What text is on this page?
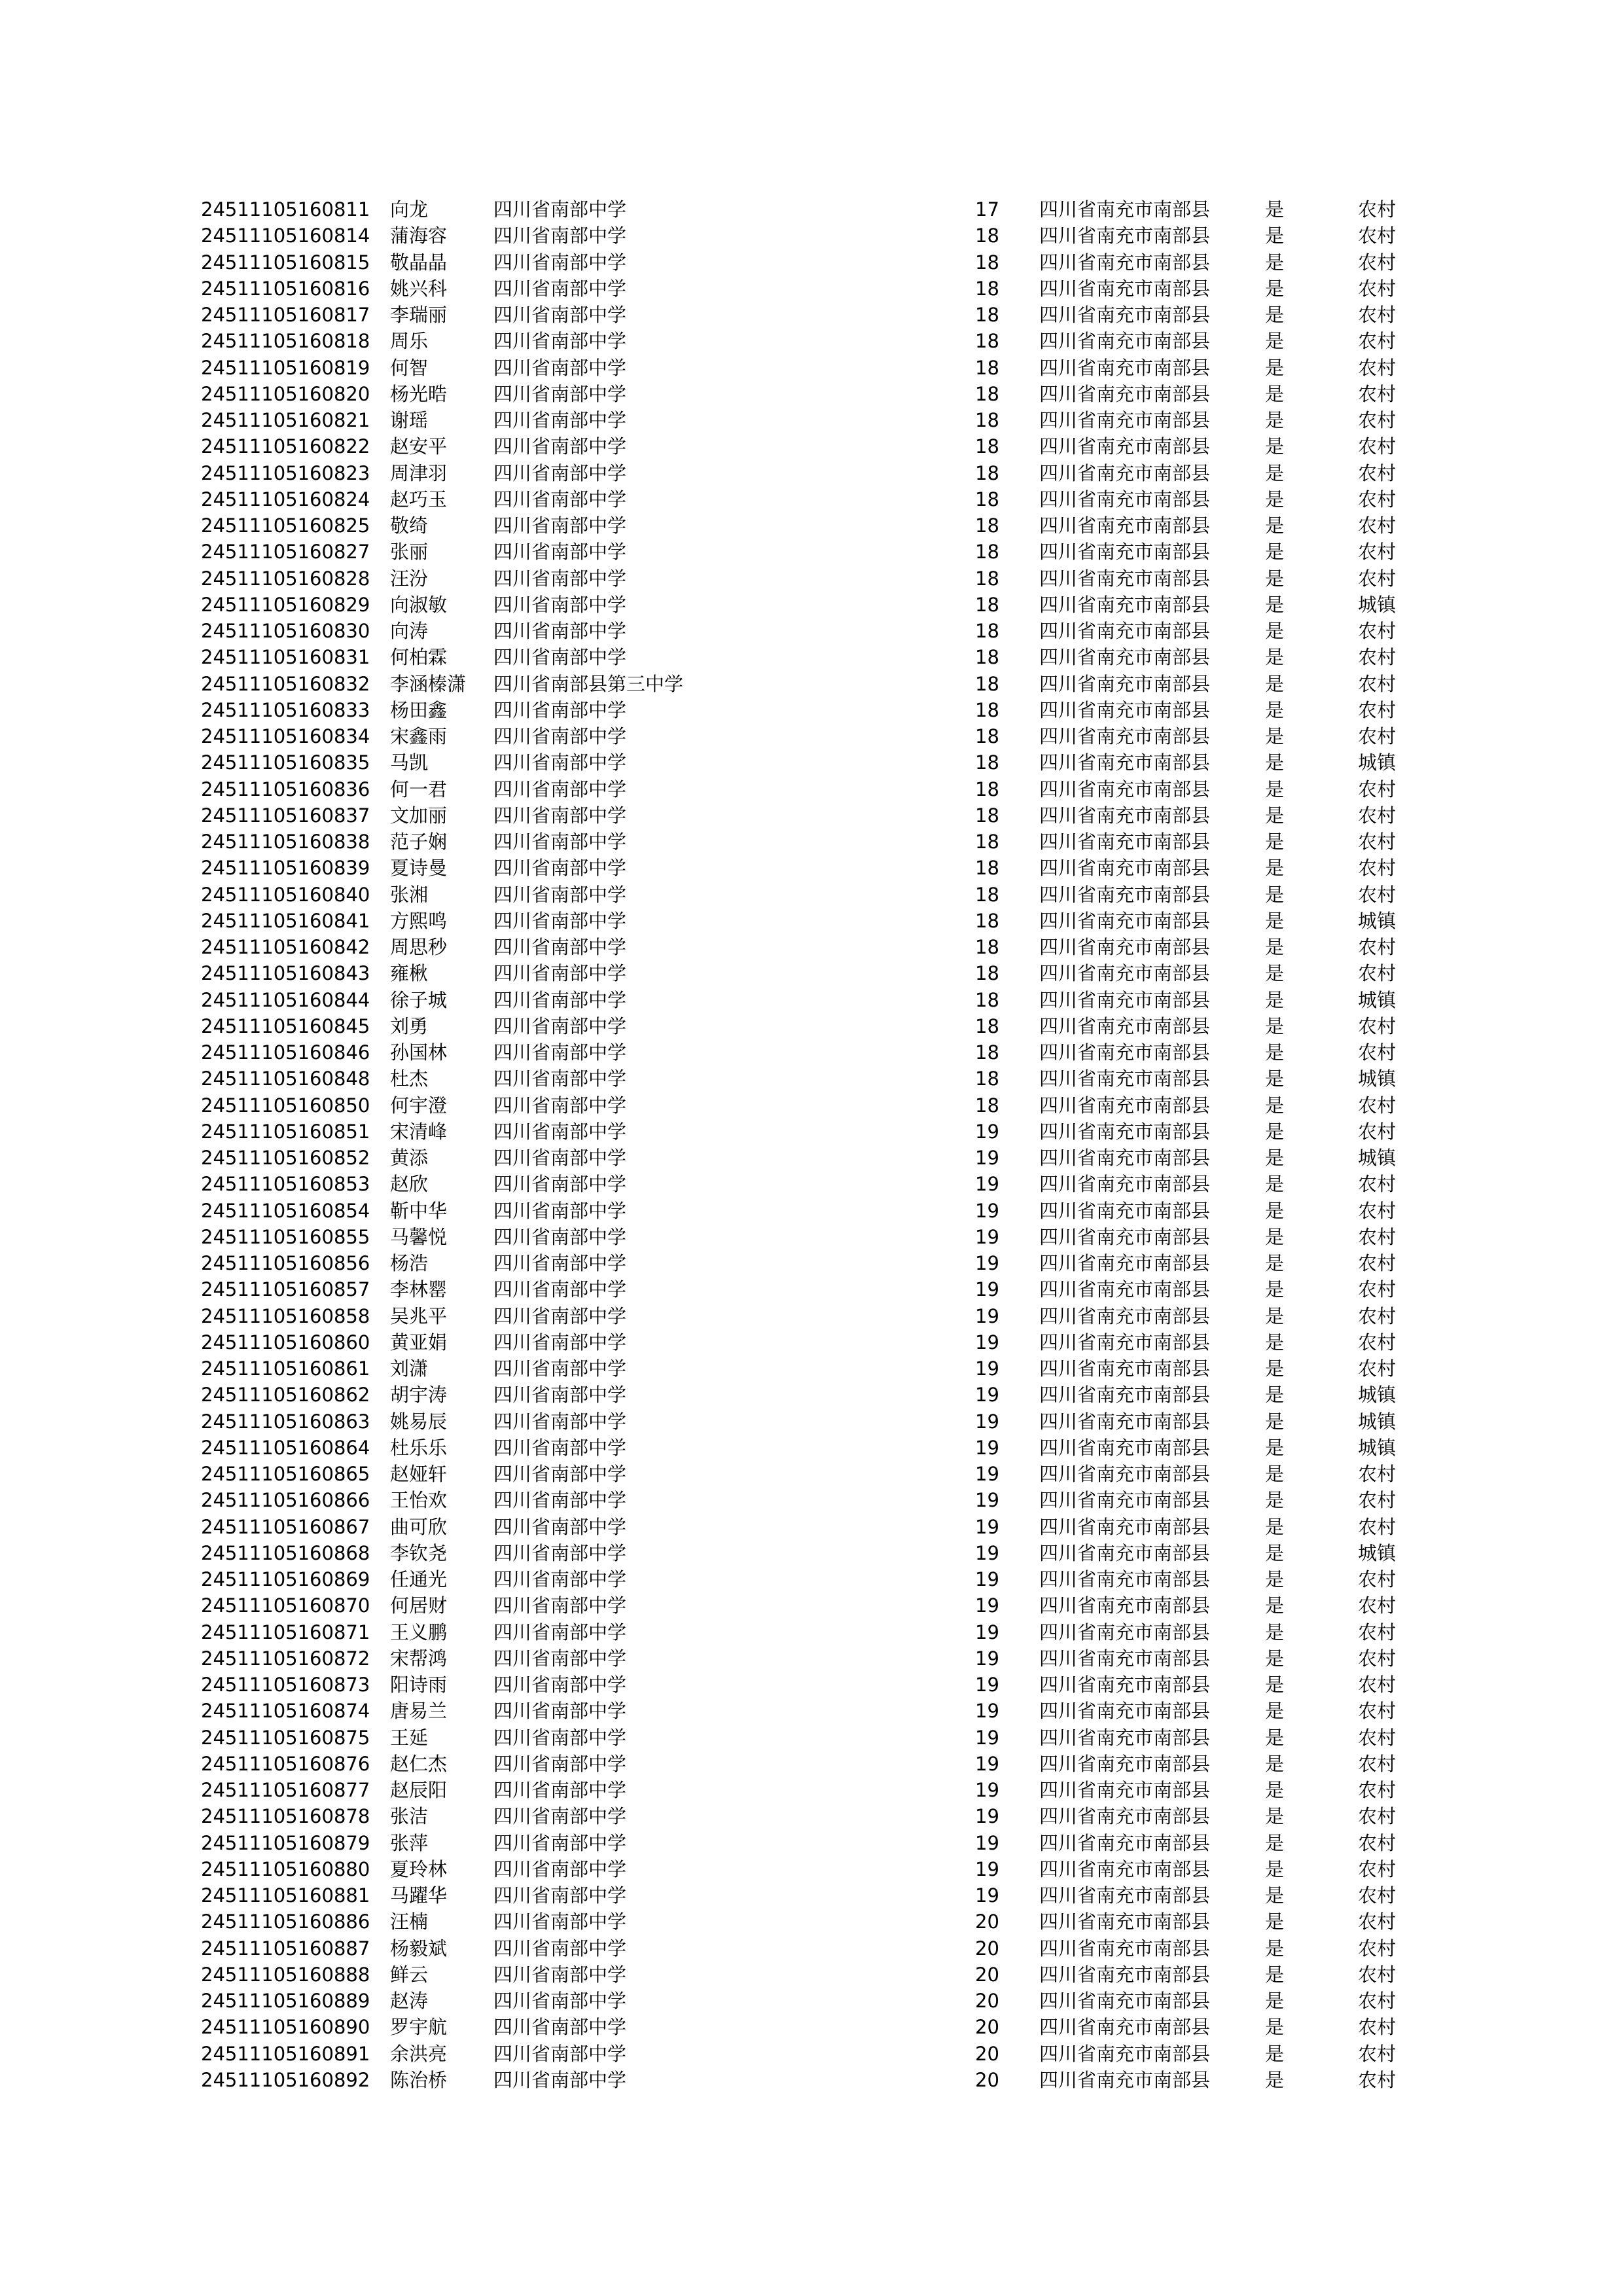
24511105160811 向龙	四川省南部中学	17 四川省南充市南部县	是	农村
24511105160814 蒲海容 四川省南部中学	18 四川省南充市南部县	是	农村
24511105160815 敬晶晶 四川省南部中学	18 四川省南充市南部县	是	农村
24511105160816 姚兴科 四川省南部中学	18 四川省南充市南部县	是	农村
24511105160817 李瑞丽 四川省南部中学	18 四川省南充市南部县	是	农村
24511105160818 周乐	四川省南部中学	18 四川省南充市南部县	是	农村
24511105160819 何智	四川省南部中学	18 四川省南充市南部县	是	农村
24511105160820 杨光晧 四川省南部中学	18 四川省南充市南部县	是	农村
24511105160821 谢瑶	四川省南部中学	18 四川省南充市南部县	是	农村
24511105160822 赵安平 四川省南部中学	18 四川省南充市南部县	是	农村
24511105160823 周津羽 四川省南部中学	18 四川省南充市南部县	是	农村
24511105160824 赵巧玉 四川省南部中学	18 四川省南充市南部县	是	农村
24511105160825 敬绮	四川省南部中学	18 四川省南充市南部县	是	农村
24511105160827 张丽	四川省南部中学	18 四川省南充市南部县	是	农村
24511105160828 汪汾	四川省南部中学	18 四川省南充市南部县	是	农村
24511105160829 向淑敏 四川省南部中学	18 四川省南充市南部县	是	城镇
24511105160830 向涛	四川省南部中学	18 四川省南充市南部县	是	农村
24511105160831 何柏霖 四川省南部中学	18 四川省南充市南部县	是	农村
24511105160832 李涵榛潇 四川省南部县第三中学	18 四川省南充市南部县	是	农村
24511105160833 杨田鑫 四川省南部中学	18 四川省南充市南部县	是	农村
24511105160834 宋鑫雨 四川省南部中学	18 四川省南充市南部县	是	农村
24511105160835 马凯	四川省南部中学	18 四川省南充市南部县	是	城镇
24511105160836 何一君 四川省南部中学	18 四川省南充市南部县	是	农村
24511105160837 文加丽 四川省南部中学	18 四川省南充市南部县	是	农村
24511105160838 范子娴 四川省南部中学	18 四川省南充市南部县	是	农村
24511105160839 夏诗曼 四川省南部中学	18 四川省南充市南部县	是	农村
24511105160840 张湘	四川省南部中学	18 四川省南充市南部县	是	农村
24511105160841 方熙鸣 四川省南部中学	18 四川省南充市南部县	是	城镇
24511105160842 周思秒 四川省南部中学	18 四川省南充市南部县	是	农村
24511105160843 雍楸	四川省南部中学	18 四川省南充市南部县	是	农村
24511105160844 徐子城 四川省南部中学	18 四川省南充市南部县	是	城镇
24511105160845 刘勇	四川省南部中学	18 四川省南充市南部县	是	农村
24511105160846 孙国林 四川省南部中学	18 四川省南充市南部县	是	农村
24511105160848 杜杰	四川省南部中学	18 四川省南充市南部县	是	城镇
24511105160850 何宇澄 四川省南部中学	18 四川省南充市南部县	是	农村
24511105160851 宋清峰 四川省南部中学	19 四川省南充市南部县	是	农村
24511105160852 黄添	四川省南部中学	19 四川省南充市南部县	是	城镇
24511105160853 赵欣	四川省南部中学	19 四川省南充市南部县	是	农村
24511105160854 靳中华 四川省南部中学	19 四川省南充市南部县	是	农村
24511105160855 马馨悦 四川省南部中学	19 四川省南充市南部县	是	农村
24511105160856 杨浩	四川省南部中学	19 四川省南充市南部县	是	农村
24511105160857 李林罂 四川省南部中学	19 四川省南充市南部县	是	农村
24511105160858 吴兆平 四川省南部中学	19 四川省南充市南部县	是	农村
24511105160860 黄亚娟 四川省南部中学	19 四川省南充市南部县	是	农村
24511105160861 刘潇	四川省南部中学	19 四川省南充市南部县	是	农村
24511105160862 胡宇涛 四川省南部中学	19 四川省南充市南部县	是	城镇
24511105160863 姚易辰 四川省南部中学	19 四川省南充市南部县	是	城镇
24511105160864 杜乐乐 四川省南部中学	19 四川省南充市南部县	是	城镇
24511105160865 赵娅轩 四川省南部中学	19 四川省南充市南部县	是	农村
24511105160866 王怡欢 四川省南部中学	19 四川省南充市南部县	是	农村
24511105160867 曲可欣 四川省南部中学	19 四川省南充市南部县	是	农村
24511105160868 李钦尧 四川省南部中学	19 四川省南充市南部县	是	城镇
24511105160869 任通光 四川省南部中学	19 四川省南充市南部县	是	农村
24511105160870 何居财 四川省南部中学	19 四川省南充市南部县	是	农村
24511105160871 王义鹏 四川省南部中学	19 四川省南充市南部县	是	农村
24511105160872 宋帮鸿 四川省南部中学	19 四川省南充市南部县	是	农村
24511105160873 阳诗雨 四川省南部中学	19 四川省南充市南部县	是	农村
24511105160874 唐易兰 四川省南部中学	19 四川省南充市南部县	是	农村
24511105160875 王延	四川省南部中学	19 四川省南充市南部县	是	农村
24511105160876 赵仁杰 四川省南部中学	19 四川省南充市南部县	是	农村
24511105160877 赵辰阳 四川省南部中学	19 四川省南充市南部县	是	农村
24511105160878 张洁	四川省南部中学	19 四川省南充市南部县	是	农村
24511105160879 张萍	四川省南部中学	19 四川省南充市南部县	是	农村
24511105160880 夏玲林 四川省南部中学	19 四川省南充市南部县	是	农村
24511105160881 马躍华 四川省南部中学	19 四川省南充市南部县	是	农村
24511105160886 汪楠	四川省南部中学	20 四川省南充市南部县	是	农村
24511105160887 杨毅斌 四川省南部中学	20 四川省南充市南部县	是	农村
24511105160888 鲜云	四川省南部中学	20 四川省南充市南部县	是	农村
24511105160889 赵涛	四川省南部中学	20 四川省南充市南部县	是	农村
24511105160890 罗宇航 四川省南部中学	20 四川省南充市南部县	是	农村
24511105160891 余洪亮 四川省南部中学	20 四川省南充市南部县	是	农村
24511105160892 陈治桥 四川省南部中学	20 四川省南充市南部县	是	农村
